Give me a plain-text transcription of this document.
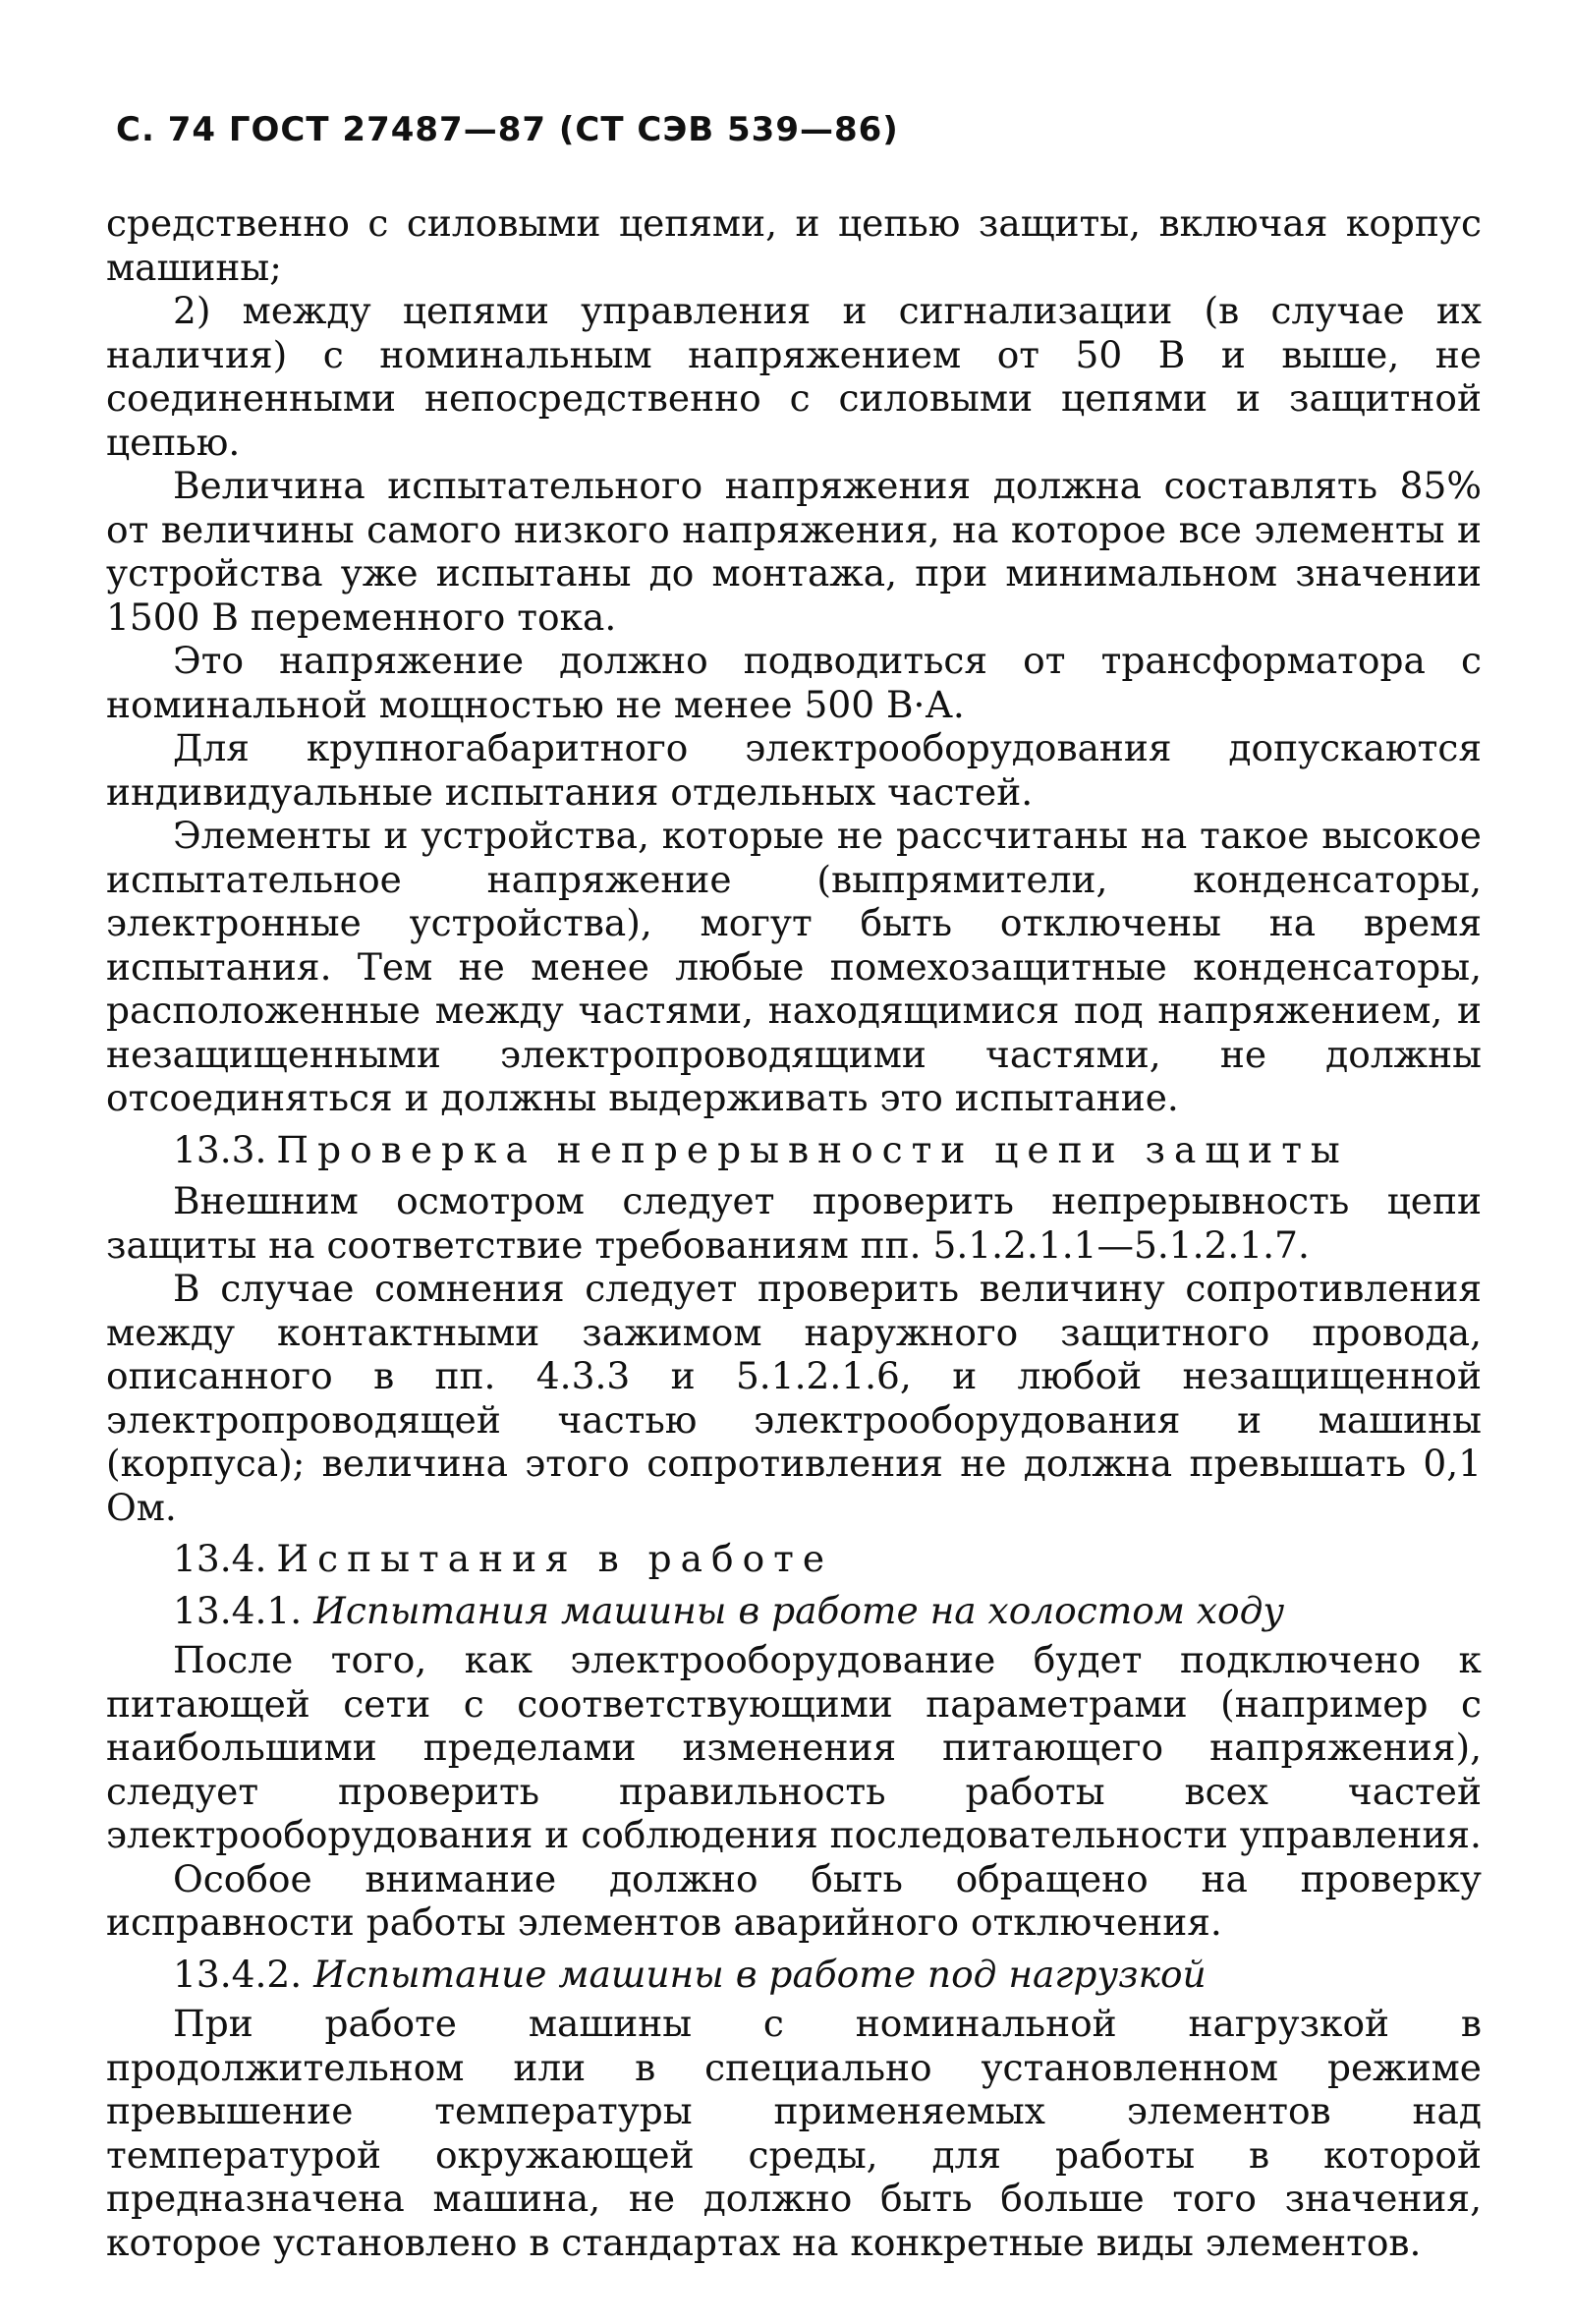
С. 74 ГОСТ 27487—87 (СТ СЭВ 539—86)

средственно с силовыми цепями, и цепью защиты, включая корпус машины;

2) между цепями управления и сигнализации (в случае их наличия) с номинальным напряжением от 50 В и выше, не соединенными непосредственно с силовыми цепями и защитной цепью.

Величина испытательного напряжения должна составлять 85% от величины самого низкого напряжения, на которое все элементы и устройства уже испытаны до монтажа, при минимальном значении 1500 В переменного тока.

Это напряжение должно подводиться от трансформатора с номинальной мощностью не менее 500 В·А.

Для крупногабаритного электрооборудования допускаются индивидуальные испытания отдельных частей.

Элементы и устройства, которые не рассчитаны на такое высокое испытательное напряжение (выпрямители, конденсаторы, электронные устройства), могут быть отключены на время испытания. Тем не менее любые помехозащитные конденсаторы, расположенные между частями, находящимися под напряжением, и незащищенными электропроводящими частями, не должны отсоединяться и должны выдерживать это испытание.

13.3. Проверка непрерывности цепи защиты

Внешним осмотром следует проверить непрерывность цепи защиты на соответствие требованиям пп. 5.1.2.1.1—5.1.2.1.7.

В случае сомнения следует проверить величину сопротивления между контактными зажимом наружного защитного провода, описанного в пп. 4.3.3 и 5.1.2.1.6, и любой незащищенной электропроводящей частью электрооборудования и машины (корпуса); величина этого сопротивления не должна превышать 0,1 Ом.

13.4. Испытания в работе
13.4.1. Испытания машины в работе на холостом ходу

После того, как электрооборудование будет подключено к питающей сети с соответствующими параметрами (например с наибольшими пределами изменения питающего напряжения), следует проверить правильность работы всех частей электрооборудования и соблюдения последовательности управления.

Особое внимание должно быть обращено на проверку исправности работы элементов аварийного отключения.

13.4.2. Испытание машины в работе под нагрузкой

При работе машины с номинальной нагрузкой в продолжительном или в специально установленном режиме превышение температуры применяемых элементов над температурой окружающей среды, для работы в которой предназначена машина, не должно быть больше того значения, которое установлено в стандартах на конкретные виды элементов.
